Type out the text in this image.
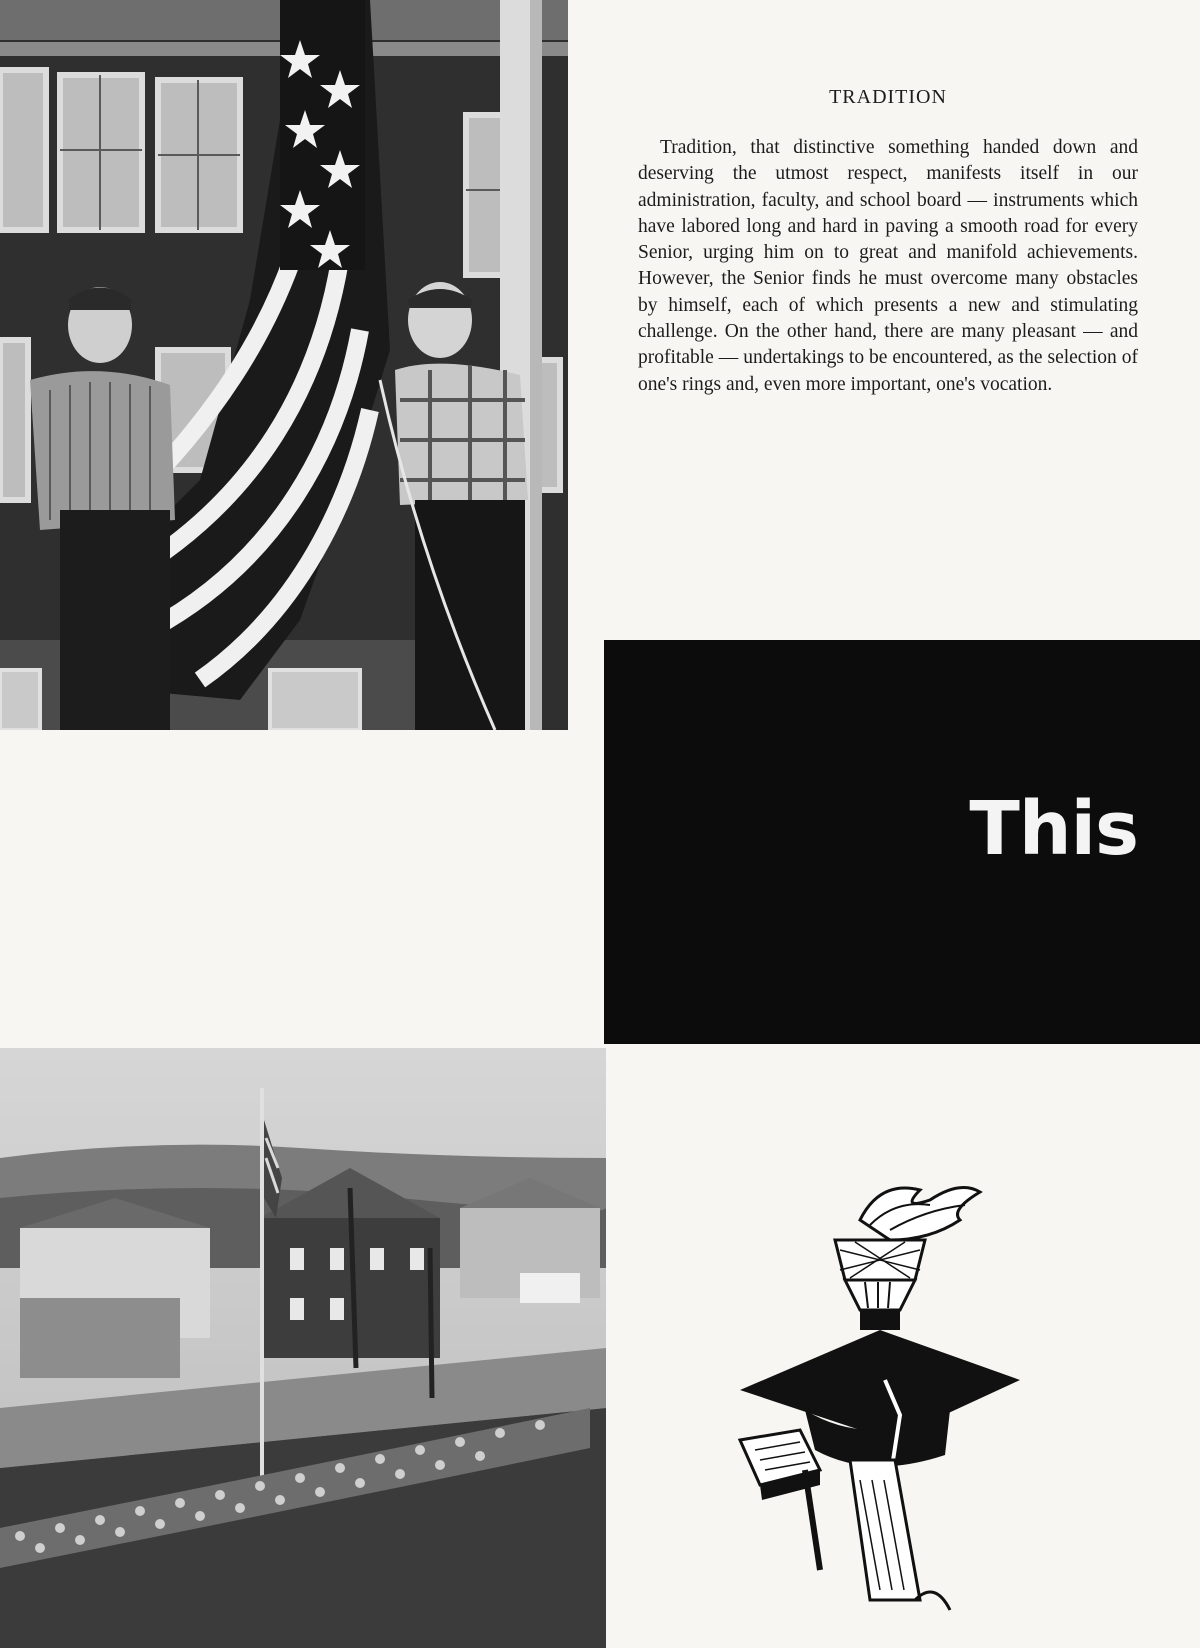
TRADITION

Tradition, that distinctive something handed down and deserving the utmost respect, manifests itself in our administration, faculty, and school board — instruments which have labored long and hard in paving a smooth road for every Senior, urging him on to great and manifold achievements. However, the Senior finds he must overcome many obstacles by himself, each of which presents a new and stimulating challenge. On the other hand, there are many pleasant — and profitable — undertakings to be encountered, as the selection of one's rings and, even more important, one's vocation.

This
